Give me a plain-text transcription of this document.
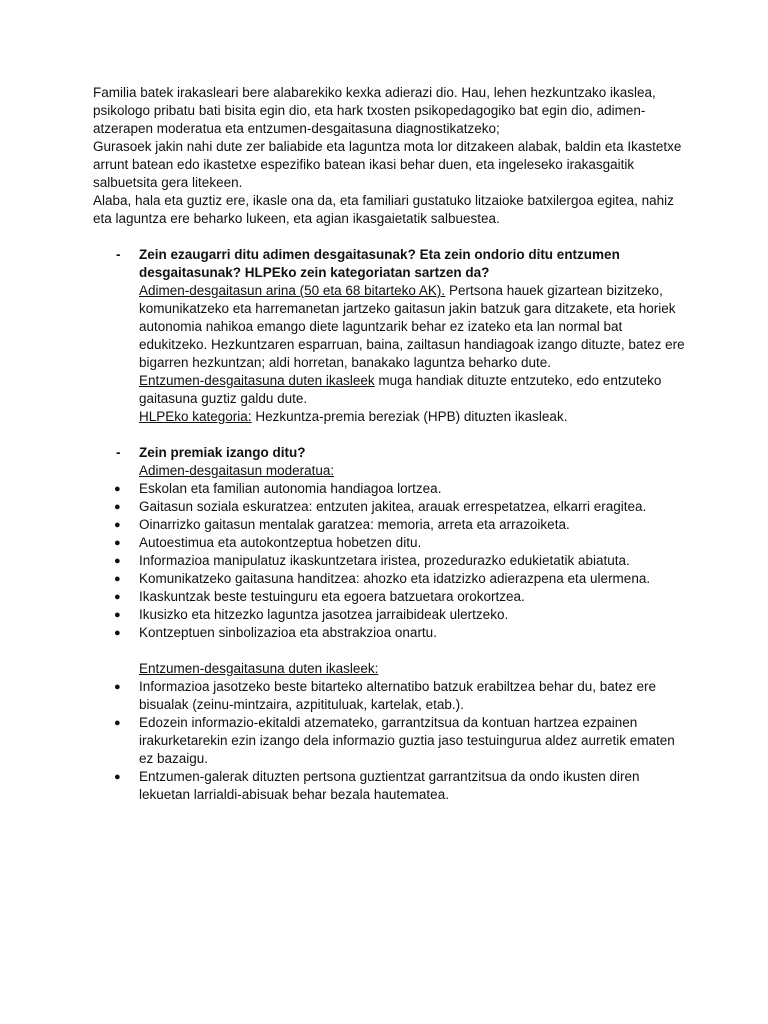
Familia batek irakasleari bere alabarekiko kexka adierazi dio. Hau, lehen hezkuntzako ikaslea, psikologo pribatu bati bisita egin dio, eta hark txosten psikopedagogiko bat egin dio, adimen-atzerapen moderatua eta entzumen-desgaitasuna diagnostikatzeko;

Gurasoek jakin nahi dute zer baliabide eta laguntza mota lor ditzakeen alabak, baldin eta Ikastetxe arrunt batean edo ikastetxe espezifiko batean ikasi behar duen, eta ingeleseko irakasgaitik salbuetsita gera litekeen.

Alaba, hala eta guztiz ere, ikasle ona da, eta familiari gustatuko litzaioke batxilergoa egitea, nahiz eta laguntza ere beharko lukeen, eta agian ikasgaietatik salbuestea.

- Zein ezaugarri ditu adimen desgaitasunak? Eta zein ondorio ditu entzumen desgaitasunak? HLPEko zein kategoriatan sartzen da?

Adimen-desgaitasun arina (50 eta 68 bitarteko AK). Pertsona hauek gizartean bizitzeko, komunikatzeko eta harremanetan jartzeko gaitasun jakin batzuk gara ditzakete, eta horiek autonomia nahikoa emango diete laguntzarik behar ez izateko eta lan normal bat edukitzeko. Hezkuntzaren esparruan, baina, zailtasun handiagoak izango dituzte, batez ere bigarren hezkuntzan; aldi horretan, banakako laguntza beharko dute.

Entzumen-desgaitasuna duten ikasleek muga handiak dituzte entzuteko, edo entzuteko gaitasuna guztiz galdu dute.

HLPEko kategoria: Hezkuntza-premia bereziak (HPB) dituzten ikasleak.

- Zein premiak izango ditu?

Adimen-desgaitasun moderatua:

● Eskolan eta familian autonomia handiagoa lortzea.
● Gaitasun soziala eskuratzea: entzuten jakitea, arauak errespetatzea, elkarri eragitea.
● Oinarrizko gaitasun mentalak garatzea: memoria, arreta eta arrazoiketa.
● Autoestimua eta autokontzeptua hobetzen ditu.
● Informazioa manipulatuz ikaskuntzetara iristea, prozedurazko edukietatik abiatuta.
● Komunikatzeko gaitasuna handitzea: ahozko eta idatzizko adierazpena eta ulermena.
● Ikaskuntzak beste testuinguru eta egoera batzuetara orokortzea.
● Ikusizko eta hitzezko laguntza jasotzea jarraibideak ulertzeko.
● Kontzeptuen sinbolizazioa eta abstrakzioa onartu.

Entzumen-desgaitasuna duten ikasleek:

● Informazioa jasotzeko beste bitarteko alternatibo batzuk erabiltzea behar du, batez ere bisualak (zeinu-mintzaira, azpitituluak, kartelak, etab.).
● Edozein informazio-ekitaldi atzemateko, garrantzitsua da kontuan hartzea ezpainen irakurketarekin ezin izango dela informazio guztia jaso testuingurua aldez aurretik ematen ez bazaigu.
● Entzumen-galerak dituzten pertsona guztientzat garrantzitsua da ondo ikusten diren lekuetan larrialdi-abisuak behar bezala hautematea.
